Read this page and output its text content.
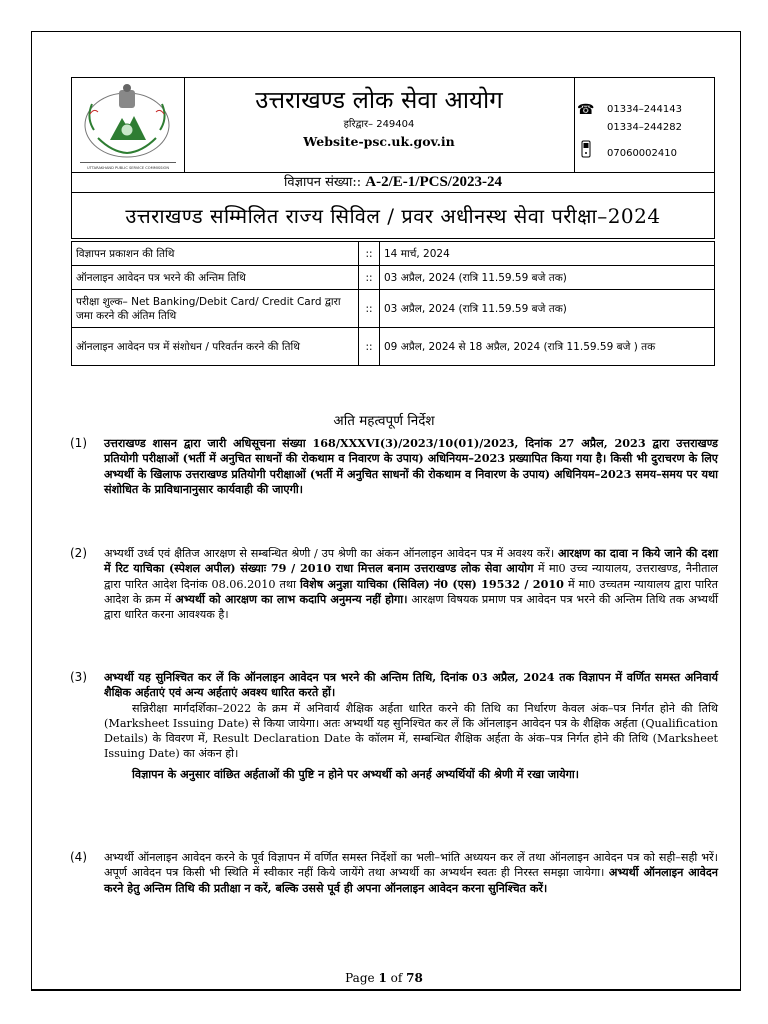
UTTARAKHAND PUBLIC SERVICE COMMISSION
उत्तराखण्ड लोक सेवा आयोग
हरिद्वार– 249404
Website-psc.uk.gov.in
☎ 01334–244143
01334–244282
07060002410
विज्ञापन संख्या:: A-2/E-1/PCS/2023-24
उत्तराखण्ड सम्मिलित राज्य सिविल / प्रवर अधीनस्थ सेवा परीक्षा–2024
विज्ञापन प्रकाशन की तिथि	::	14 मार्च, 2024
ऑनलाइन आवेदन पत्र भरने की अन्तिम तिथि	::	03 अप्रैल, 2024 (रात्रि 11.59.59 बजे तक)
परीक्षा शुल्क– Net Banking/Debit Card/ Credit Card द्वारा जमा करने की अंतिम तिथि	::	03 अप्रैल, 2024 (रात्रि 11.59.59 बजे तक)
ऑनलाइन आवेदन पत्र में संशोधन / परिवर्तन करने की तिथि	::	09 अप्रैल, 2024 से 18 अप्रैल, 2024 (रात्रि 11.59.59 बजे ) तक
अति महत्वपूर्ण निर्देश
(1) उत्तराखण्ड शासन द्वारा जारी अधिसूचना संख्या 168/XXXVI(3)/2023/10(01)/2023, दिनांक 27 अप्रैल, 2023 द्वारा उत्तराखण्ड प्रतियोगी परीक्षाओं (भर्ती में अनुचित साधनों की रोकथाम व निवारण के उपाय) अधिनियम–2023 प्रख्यापित किया गया है। किसी भी दुराचरण के लिए अभ्यर्थी के खिलाफ उत्तराखण्ड प्रतियोगी परीक्षाओं (भर्ती में अनुचित साधनों की रोकथाम व निवारण के उपाय) अधिनियम–2023 समय–समय पर यथा संशोधित के प्राविधानानुसार कार्यवाही की जाएगी।
(2) अभ्यर्थी उर्ध्व एवं क्षैतिज आरक्षण से सम्बन्धित श्रेणी / उप श्रेणी का अंकन ऑनलाइन आवेदन पत्र में अवश्य करें। आरक्षण का दावा न किये जाने की दशा में रिट याचिका (स्पेशल अपील) संख्याः 79 / 2010 राधा मित्तल बनाम उत्तराखण्ड लोक सेवा आयोग में मा0 उच्च न्यायालय, उत्तराखण्ड, नैनीताल द्वारा पारित आदेश दिनांक 08.06.2010 तथा विशेष अनुज्ञा याचिका (सिविल) नं0 (एस) 19532 / 2010 में मा0 उच्चतम न्यायालय द्वारा पारित आदेश के क्रम में अभ्यर्थी को आरक्षण का लाभ कदापि अनुमन्य नहीं होगा। आरक्षण विषयक प्रमाण पत्र आवेदन पत्र भरने की अन्तिम तिथि तक अभ्यर्थी द्वारा धारित करना आवश्यक है।
(3) अभ्यर्थी यह सुनिश्चित कर लें कि ऑनलाइन आवेदन पत्र भरने की अन्तिम तिथि, दिनांक 03 अप्रैल, 2024 तक विज्ञापन में वर्णित समस्त अनिवार्य शैक्षिक अर्हताएं एवं अन्य अर्हताएं अवश्य धारित करते हों।

सन्निरीक्षा मार्गदर्शिका–2022 के क्रम में अनिवार्य शैक्षिक अर्हता धारित करने की तिथि का निर्धारण केवल अंक–पत्र निर्गत होने की तिथि (Marksheet Issuing Date) से किया जायेगा। अतः अभ्यर्थी यह सुनिश्चित कर लें कि ऑनलाइन आवेदन पत्र के शैक्षिक अर्हता (Qualification Details) के विवरण में, Result Declaration Date के कॉलम में, सम्बन्धित शैक्षिक अर्हता के अंक–पत्र निर्गत होने की तिथि (Marksheet Issuing Date) का अंकन हो।

विज्ञापन के अनुसार वांछित अर्हताओं की पुष्टि न होने पर अभ्यर्थी को अनर्ह अभ्यर्थियों की श्रेणी में रखा जायेगा।

(4) अभ्यर्थी ऑनलाइन आवेदन करने के पूर्व विज्ञापन में वर्णित समस्त निर्देशों का भली–भांति अध्ययन कर लें तथा ऑनलाइन आवेदन पत्र को सही–सही भरें। अपूर्ण आवेदन पत्र किसी भी स्थिति में स्वीकार नहीं किये जायेंगे तथा अभ्यर्थी का अभ्यर्थन स्वतः ही निरस्त समझा जायेगा। अभ्यर्थी ऑनलाइन आवेदन करने हेतु अन्तिम तिथि की प्रतीक्षा न करें, बल्कि उससे पूर्व ही अपना ऑनलाइन आवेदन करना सुनिश्चित करें।
Page 1 of 78
